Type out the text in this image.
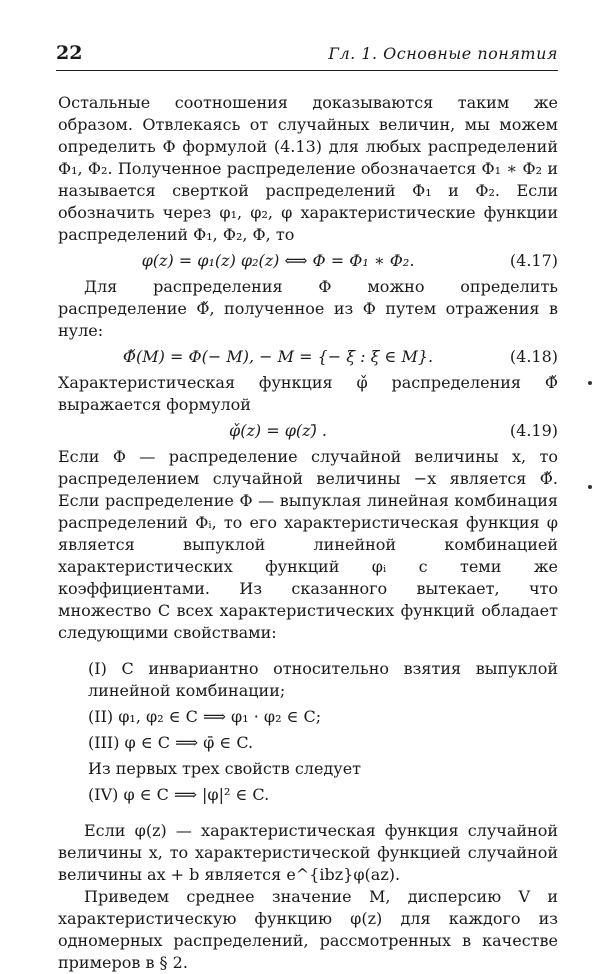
22	Гл. 1. Основные понятия

Остальные соотношения доказываются таким же образом. Отвлекаясь от случайных величин, мы можем определить Φ формулой (4.13) для любых распределений Φ₁, Φ₂. Полученное распределение обозначается Φ₁ ∗ Φ₂ и называется сверткой распределений Φ₁ и Φ₂. Если обозначить через φ₁, φ₂, φ характеристические функции распределений Φ₁, Φ₂, Φ, то

φ(z) = φ₁(z) φ₂(z) ⟺ Φ = Φ₁ ∗ Φ₂.	(4.17)

Для распределения Φ можно определить распределение Φ̌, полученное из Φ путем отражения в нуле:

Φ̌(M) = Φ(− M), − M = {− ξ : ξ ∈ M}.	(4.18)

Характеристическая функция φ̌ распределения Φ̌ выражается формулой

φ̌(z) = φ(z)̄ .	(4.19)

Если Φ — распределение случайной величины x, то распределением случайной величины −x является Φ̌. Если распределение Φ — выпуклая линейная комбинация распределений Φᵢ, то его характеристическая функция φ является выпуклой линейной комбинацией характеристических функций φᵢ с теми же коэффициентами. Из сказанного вытекает, что множество C всех характеристических функций обладает следующими свойствами:

(I) C инвариантно относительно взятия выпуклой линейной комбинации;

(II) φ₁, φ₂ ∈ C ⟹ φ₁ · φ₂ ∈ C;

(III) φ ∈ C ⟹ φ̄ ∈ C.

Из первых трех свойств следует

(IV) φ ∈ C ⟹ |φ|² ∈ C.

Если φ(z) — характеристическая функция случайной величины x, то характеристической функцией случайной величины ax + b является e^{ibz}φ(az).

Приведем среднее значение M, дисперсию V и характеристическую функцию φ(z) для каждого из одномерных распределений, рассмотренных в качестве примеров в § 2.
